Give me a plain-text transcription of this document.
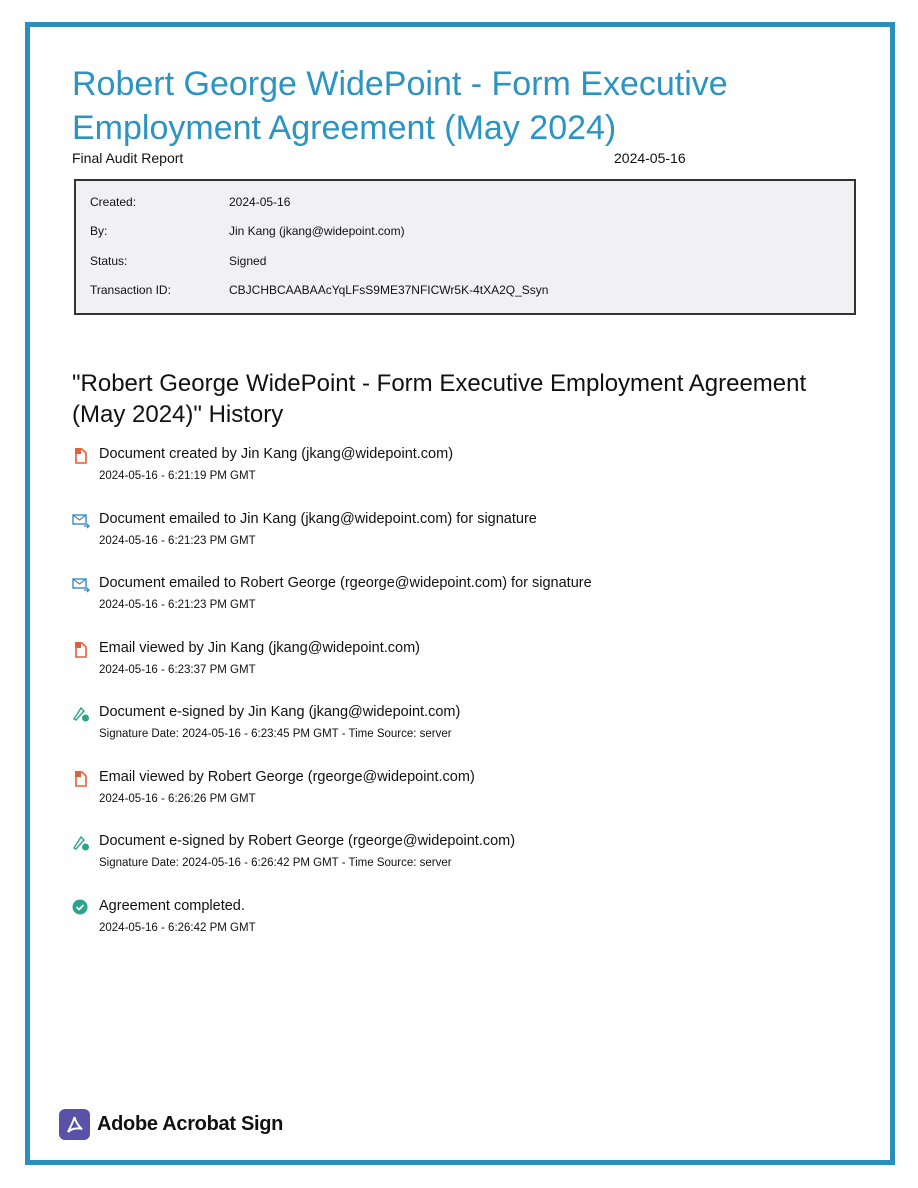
Robert George WidePoint - Form Executive Employment Agreement (May 2024)
Final Audit Report	2024-05-16
Created:	2024-05-16
By:	Jin Kang (jkang@widepoint.com)
Status:	Signed
Transaction ID:	CBJCHBCAABAAcYqLFsS9ME37NFICWr5K-4tXA2Q_Ssyn
"Robert George WidePoint - Form Executive Employment Agreement (May 2024)" History
Document created by Jin Kang (jkang@widepoint.com)
2024-05-16 - 6:21:19 PM GMT
Document emailed to Jin Kang (jkang@widepoint.com) for signature
2024-05-16 - 6:21:23 PM GMT
Document emailed to Robert George (rgeorge@widepoint.com) for signature
2024-05-16 - 6:21:23 PM GMT
Email viewed by Jin Kang (jkang@widepoint.com)
2024-05-16 - 6:23:37 PM GMT
Document e-signed by Jin Kang (jkang@widepoint.com)
Signature Date: 2024-05-16 - 6:23:45 PM GMT - Time Source: server
Email viewed by Robert George (rgeorge@widepoint.com)
2024-05-16 - 6:26:26 PM GMT
Document e-signed by Robert George (rgeorge@widepoint.com)
Signature Date: 2024-05-16 - 6:26:42 PM GMT - Time Source: server
Agreement completed.
2024-05-16 - 6:26:42 PM GMT
Adobe Acrobat Sign
